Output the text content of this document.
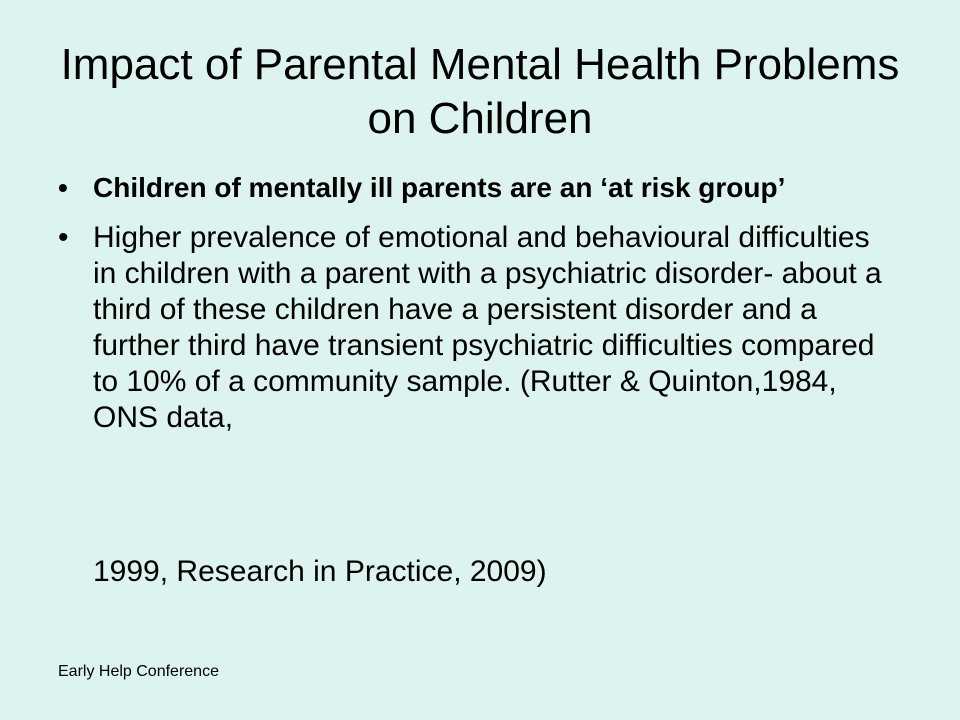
Impact of Parental Mental Health Problems on Children
• Children of mentally ill parents are an ‘at risk group’
• Higher prevalence of emotional and behavioural difficulties in children with a parent with a psychiatric disorder- about a third of these children have a persistent disorder and a further third have transient psychiatric difficulties compared to 10% of a community sample. (Rutter & Quinton,1984, ONS data,
1999, Research in Practice, 2009)
Early Help Conference
